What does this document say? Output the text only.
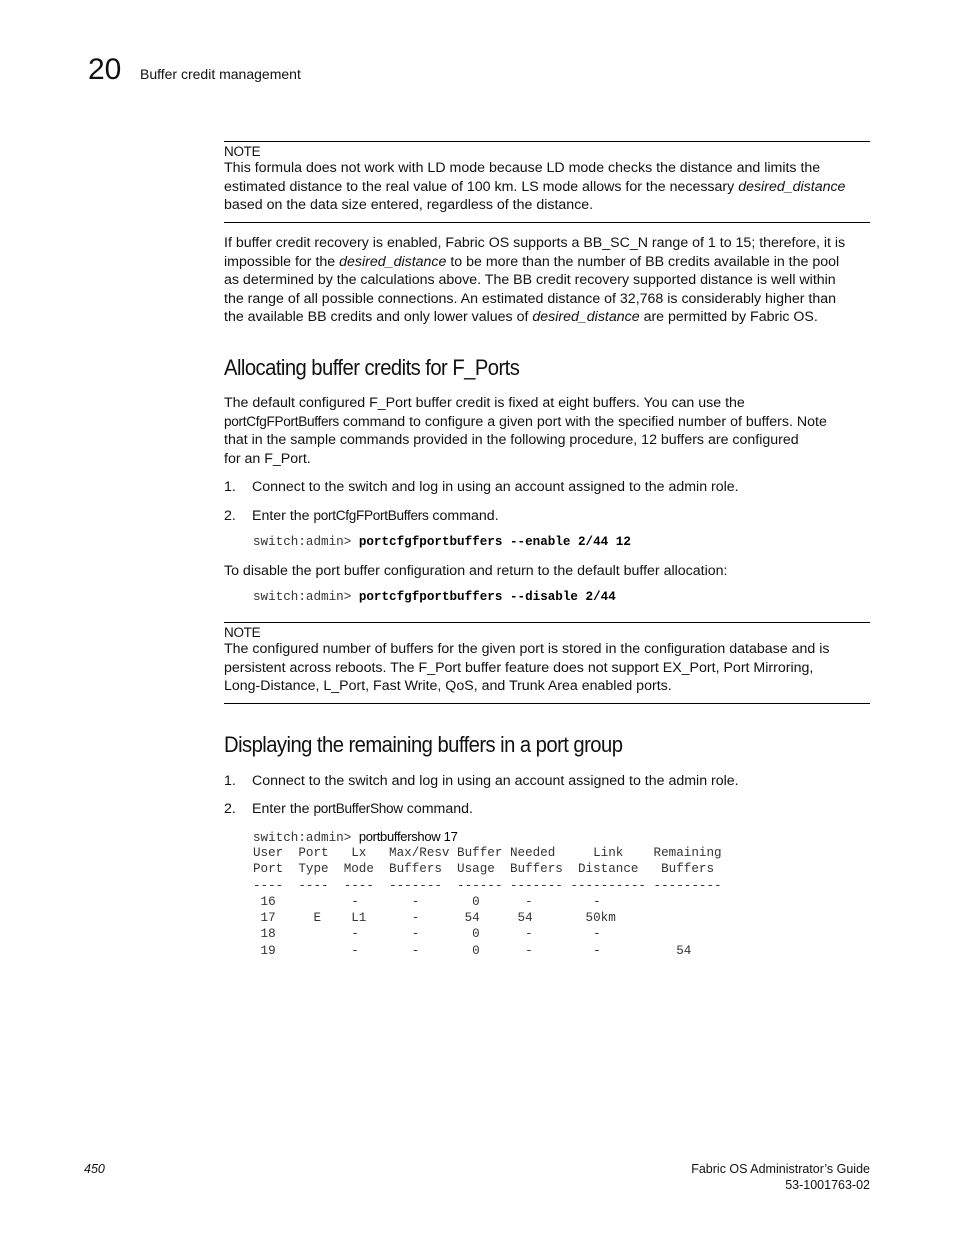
20 Buffer credit management
NOTE
This formula does not work with LD mode because LD mode checks the distance and limits the
estimated distance to the real value of 100 km. LS mode allows for the necessary desired_distance
based on the data size entered, regardless of the distance.
If buffer credit recovery is enabled, Fabric OS supports a BB_SC_N range of 1 to 15; therefore, it is
impossible for the desired_distance to be more than the number of BB credits available in the pool
as determined by the calculations above. The BB credit recovery supported distance is well within
the range of all possible connections. An estimated distance of 32,768 is considerably higher than
the available BB credits and only lower values of desired_distance are permitted by Fabric OS.
Allocating buffer credits for F_Ports
The default configured F_Port buffer credit is fixed at eight buffers. You can use the
portCfgFPortBuffers command to configure a given port with the specified number of buffers. Note
that in the sample commands provided in the following procedure, 12 buffers are configured
for an F_Port.
1. Connect to the switch and log in using an account assigned to the admin role.
2. Enter the portCfgFPortBuffers command.
switch:admin> portcfgfportbuffers --enable 2/44 12
To disable the port buffer configuration and return to the default buffer allocation:
switch:admin> portcfgfportbuffers --disable 2/44
NOTE
The configured number of buffers for the given port is stored in the configuration database and is
persistent across reboots. The F_Port buffer feature does not support EX_Port, Port Mirroring,
Long-Distance, L_Port, Fast Write, QoS, and Trunk Area enabled ports.
Displaying the remaining buffers in a port group
1. Connect to the switch and log in using an account assigned to the admin role.
2. Enter the portBufferShow command.
switch:admin> portbuffershow 17
User  Port   Lx   Max/Resv Buffer Needed     Link    Remaining
Port  Type  Mode  Buffers  Usage  Buffers  Distance   Buffers
----  ----  ----  -------  ------ ------- ---------- ---------
16          -       -       0      -        -
17     E    L1      -      54     54       50km
18          -       -       0      -        -
19          -       -       0      -        -          54
450	Fabric OS Administrator’s Guide
53-1001763-02
